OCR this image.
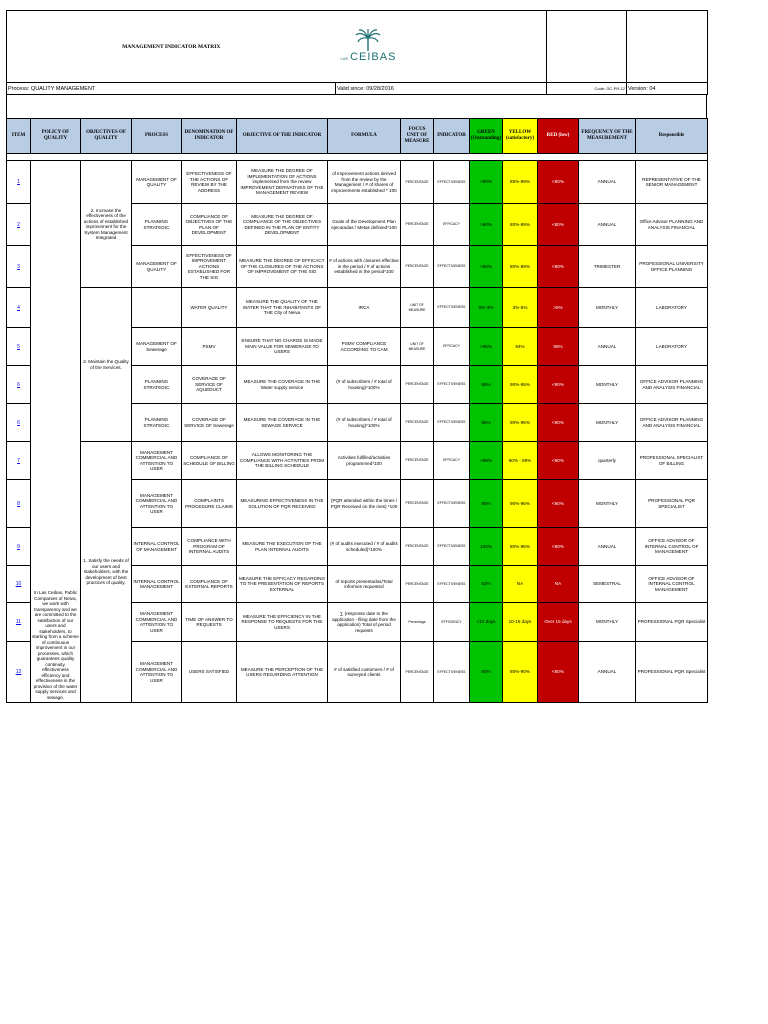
MANAGEMENT INDICATOR MATRIX	LAS CEIBAS		

Process: QUALITY MANAGEMENT	Valid since: 09/28/2016	Code: GC-PR-12	Version: 04
ITEM	POLICY OF QUALITY	OBJECTIVES OF QUALITY	PROCESS	DENOMINATION OF INDICATOR	OBJECTIVE OF THE INDICATOR	FORMULA	FOCUS UNIT OF MEASURE	INDICATOR	GREEN (Outstanding)	YELLOW (satisfactory)	RED (low)	FREQUENCY OF THE MEASUREMENT	Responsible

1	In Las Ceibas, Public Companies of Neiva, we work with transparency and we are committed to the satisfaction of our users and stakeholders, to starting from a scheme of continuous improvement in our processes, which guarantees quality continuity, effectiveness efficiency and effectiveness in the provision of the water supply services and sewage.	2. Increase the effectiveness of the actions of established improvement for the System Management Integrated	MANAGEMENT OF QUALITY	EFFECTIVENESS OF THE ACTIONS OF REVIEW BY THE ADDRESS	MEASURE THE DEGREE OF IMPLEMENTATION OF ACTIONS implemented from the review IMPROVEMENT DERIVATIVES OF THE MANAGEMENT REVIEW	of improvement actions derived from the review by the Management / # of shares of improvements established * 100	PERCENTAGE	EFFECTIVENESS	>90%	85%-89%	<80%	ANNUAL	REPRESENTATIVE OF THE SENIOR MANAGEMENT
2			PLANNING STRATEGIC	COMPLIANCE OF OBJECTIVES OF THE PLAN OF DEVELOPMENT	MEASURE THE DEGREE OF COMPLIANCE OF THE OBJECTIVES DEFINED IN THE PLAN OF ENTITY DEVELOPMENT	Goals of the Development Plan ejecutadas / Metas definied*100	PERCENTAGE	EFFICACY	>90%	80%-89%	<80%	ANNUAL	Office Advisor PLANNING AND ANALYSIS FINANCIAL
3			MANAGEMENT OF QUALITY	EFFECTIVENESS OF IMPROVEMENT ACTIONS ESTABLISHED FOR THE SIG	MEASURE THE DEGREE OF EFFICACY OF THE CLOSURES OF THE ACTIONS OF IMPROVEMENT OF THE SIG	# of actions with closures effective in the period / # of actions established in the period*100	PERCENTAGE	EFFECTIVENESS	>90%	80%-89%	<80%	TRIMESTER	PROFESSIONAL UNIVERSITY OFFICE PLANNING
4		3. Maintain the Quality of the Services.		WATER QUALITY	MEASURE THE QUALITY OF THE WATER THAT THE INHABITANTS OF THE City of Neiva	IRCA	UNIT OF MEASURE	EFFECTIVENESS	0%-3%	3%-5%	>5%	MONTHLY	LABORATORY
5			MANAGEMENT OF Sewerage	PSMV	ENSURE THAT NO CHARGE IS MADE MAIN VALUE FOR SEWERAGE TO USERS	PSMV COMPLIANCE ACCORDING TO CAM	UNIT OF MEASURE	EFFICACY	>95%	94%	95%	ANNUAL	LABORATORY
6			PLANNING STRATEGIC	COVERAGE OF SERVICE OF AQUEDUCT	MEASURE THE COVERAGE IN THE Water supply service	(# of subscribers / # total of housing)*100%	PERCENTAGE	EFFECTIVENESS	95%	90%-95%	<90%	MONTHLY	OFFICE ADVISOR PLANNING AND ANALYSIS FINANCIAL
6			PLANNING STRATEGIC	COVERAGE OF SERVICE OF Sewerage	MEASURE THE COVERAGE IN THE SEWAGE SERVICE	(# of subscribers / # total of housing)*100%	PERCENTAGE	EFFECTIVENESS	95%	90%-95%	<90%	MONTHLY	OFFICE ADVISOR PLANNING AND ANALYSIS FINANCIAL
7		1. Satisfy the needs of our users and stakeholders, with the development of best practices of quality.	MANAGEMENT COMMERCIAL AND ATTENTION TO USER	COMPLIANCE OF SCHEDULE OF BILLING	ALLOWS MONITORING THE COMPLIANCE WITH ACTIVITIES FROM THE BILLING SCHEDULE	Activities fulfilled/activities programmed*100	PERCENTAGE	EFFICACY	>99%	90% - 99%	<90%	quarterly	PROFESSIONAL SPECIALIST OF BILLING
8			MANAGEMENT COMMERCIAL AND ATTENTION TO USER	COMPLAINTS PROCEDURE CLAIMS	MEASURING EFFECTIVENESS IN THE SOLUTION OF PQR RECEIVED	(PQR attended within the times / PQR Received on the mes) *100	PERCENTAGE	EFFECTIVENESS	95%	90%-95%	<90%	MONTHLY	PROFESSIONAL PQR SPECIALIST
9			INTERNAL CONTROL OF MANAGEMENT	COMPLIANCE WITH PROGRAM OF INTERNAL AUDITS	MEASURE THE EXECUTION OF THE PLAN INTERNAL AUDITS	(# of audits executed / # of audits scheduled)*100%	PERCENTAGE	EFFECTIVENESS	100%	80%-95%	<80%	ANNUAL	OFFICE ADVISOR OF INTERNAL CONTROL OF MANAGEMENT
10			INTERNAL CONTROL MANAGEMENT	COMPLIANCE OF EXTERNAL REPORTS	MEASURE THE EFFICACY REGARDING TO THE PRESENTATION OF REPORTS EXTERNAL	of reports presentados/Total informes requested	PERCENTAGE	EFFECTIVENESS	92%	NA	NA	SEMESTRAL	OFFICE ADVISOR OF INTERNAL CONTROL MANAGEMENT
11			MANAGEMENT COMMERCIAL AND ATTENTION TO USER	TIME OF ANSWER TO REQUESTS	MEASURE THE EFFICIENCY IN THE RESPONSE TO REQUESTS FOR THE USERS	∑ (response date to the application - filing date from the application) Total of period requests	Percentage	EFFICIENCY	<10 days	10-15 days	Over 15 days	MONTHLY	PROFESSIONAL PQR Specialist
12			MANAGEMENT COMMERCIAL AND ATTENTION TO USER	USERS SATISFIED	MEASURE THE PERCEPTION OF THE USERS REGARDING ATTENTION	# of satisfied customers / # of surveyed clients	PERCENTAGE	EFFECTIVENESS	90%	80%-90%	<80%	ANNUAL	PROFESSIONAL PQR Specialist
